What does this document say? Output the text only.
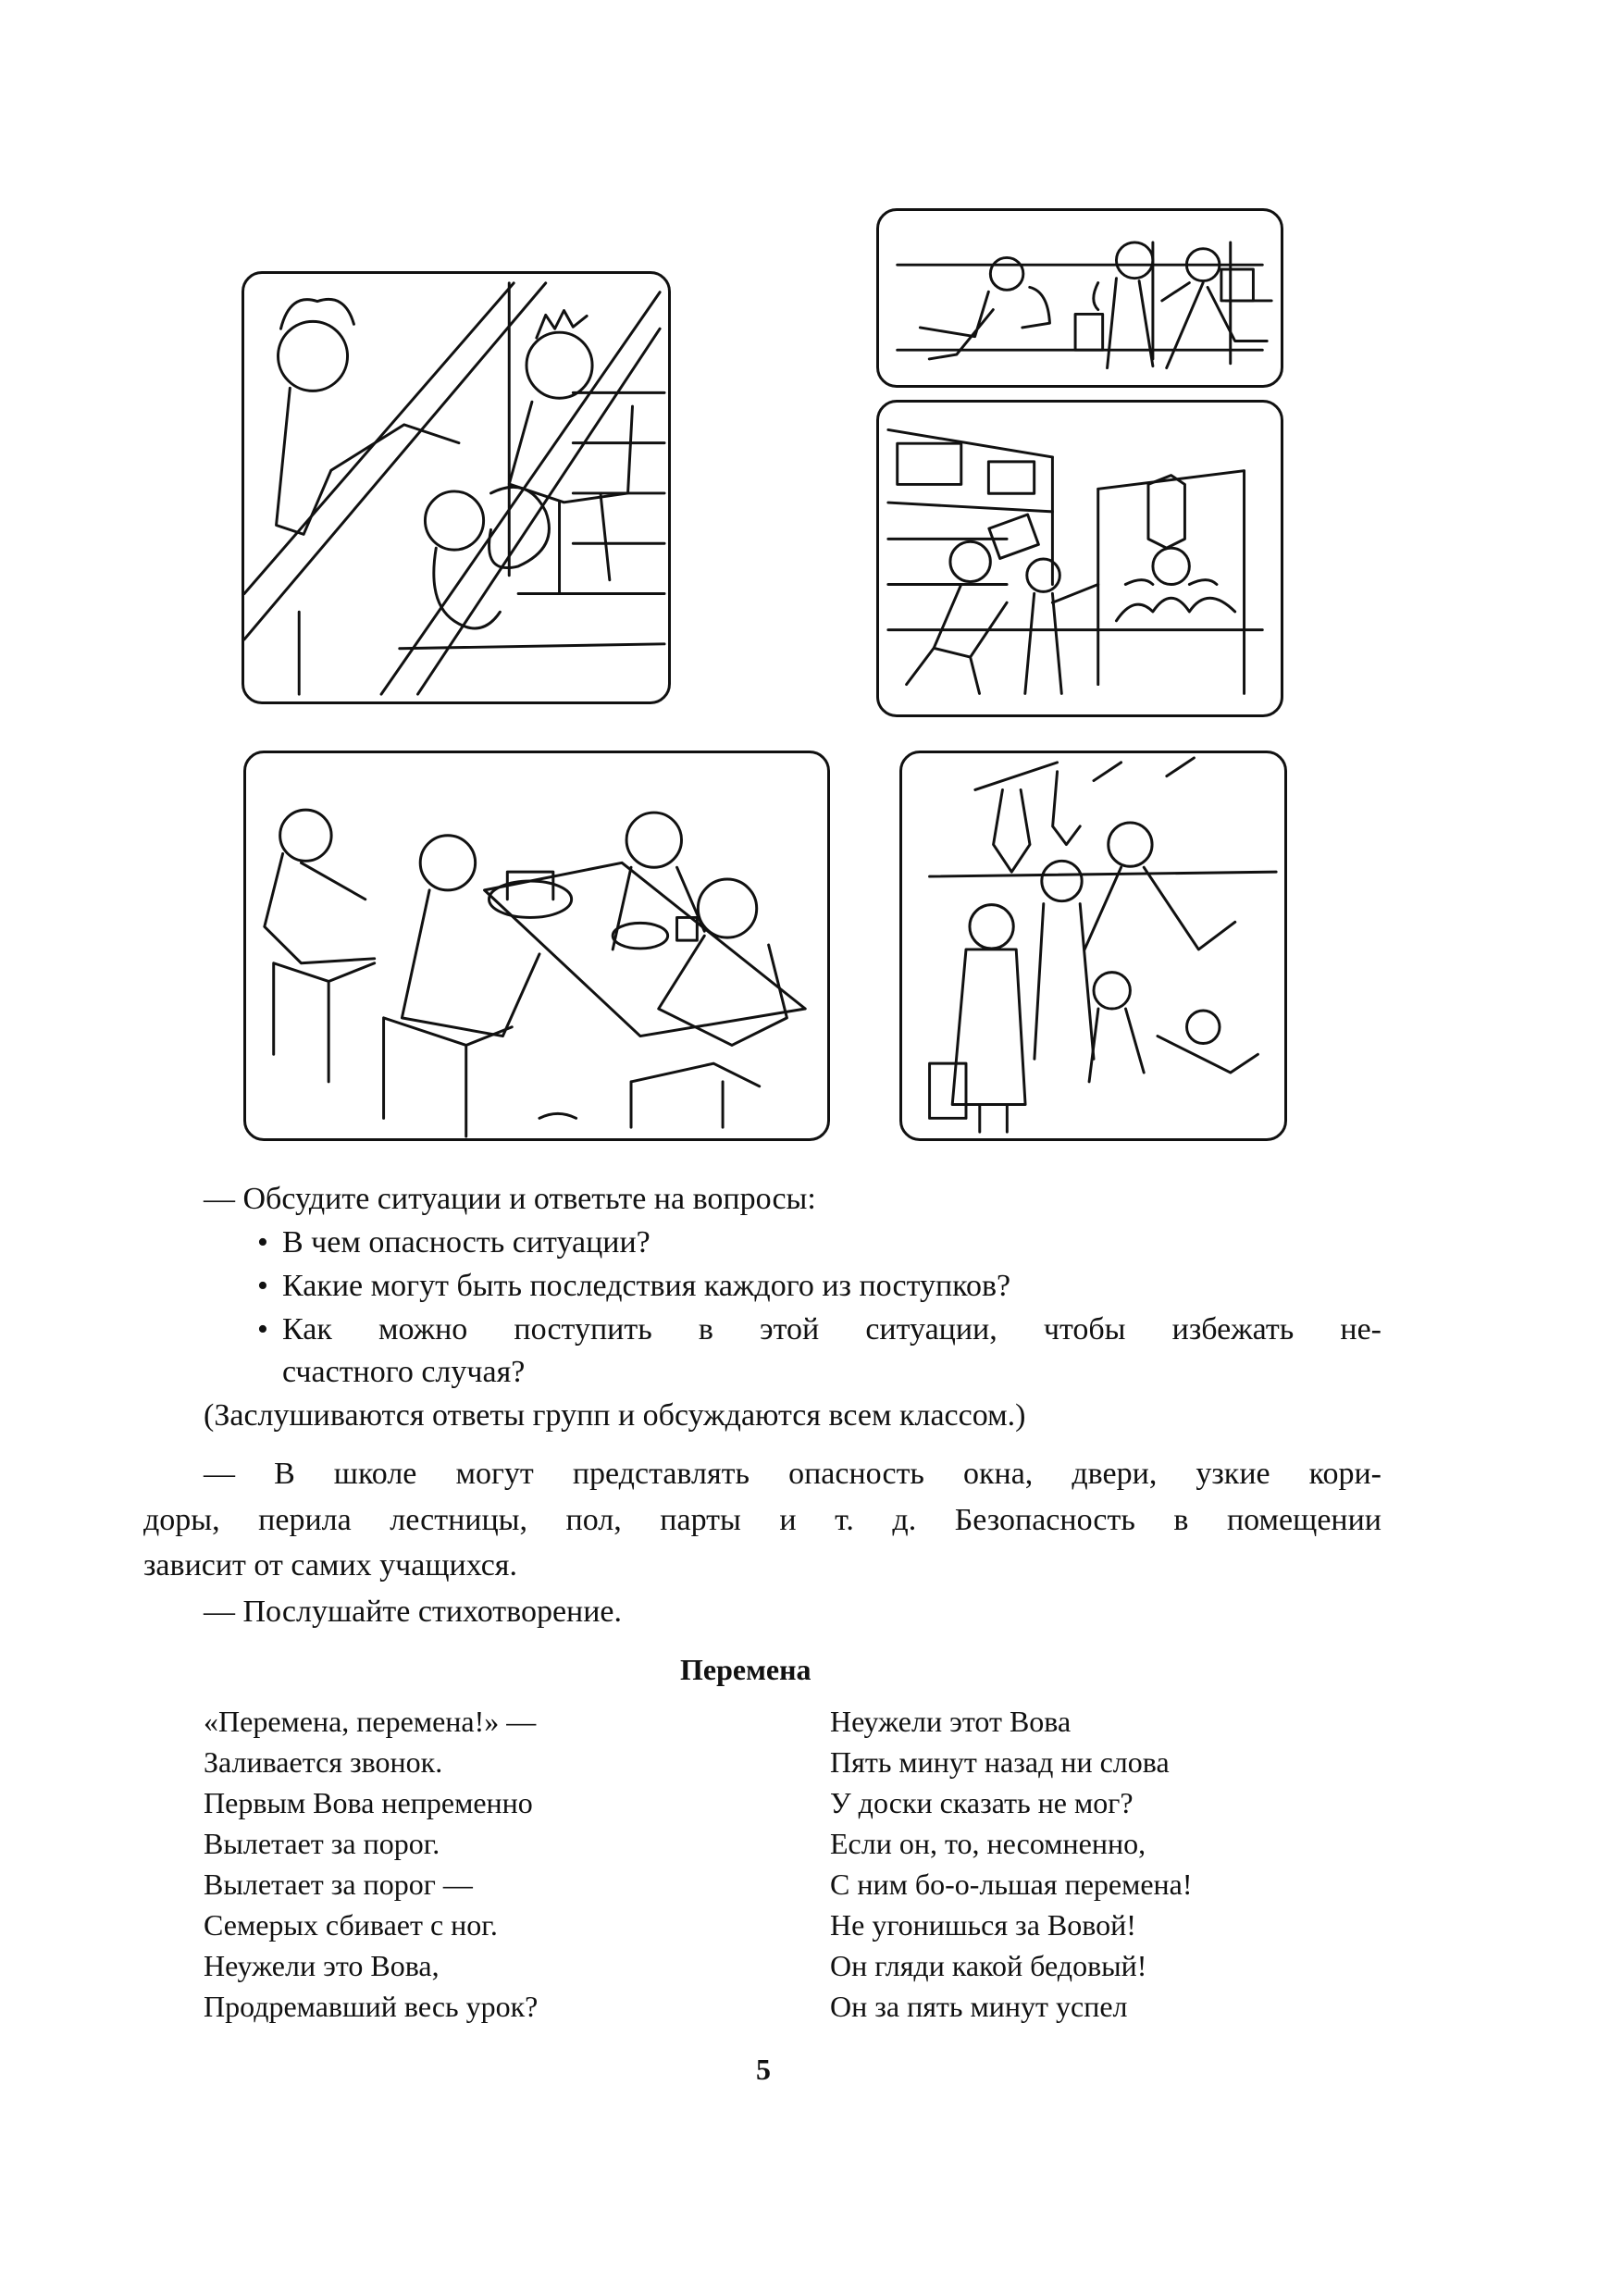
— Обсудите ситуации и ответьте на вопросы:
• В чем опасность ситуации?
• Какие могут быть последствия каждого из поступков?
• Как можно поступить в этой ситуации, чтобы избежать не-
счастного случая?
(Заслушиваются ответы групп и обсуждаются всем классом.)
— В школе могут представлять опасность окна, двери, узкие кори-
доры, перила лестницы, пол, парты и т. д. Безопасность в помещении
зависит от самих учащихся.
— Послушайте стихотворение.
Перемена
«Перемена, перемена!» —
Заливается звонок.
Первым Вова непременно
Вылетает за порог.
Вылетает за порог —
Семерых сбивает с ног.
Неужели это Вова,
Продремавший весь урок?
Неужели этот Вова
Пять минут назад ни слова
У доски сказать не мог?
Если он, то, несомненно,
С ним бо-о-льшая перемена!
Не угонишься за Вовой!
Он гляди какой бедовый!
Он за пять минут успел
5
